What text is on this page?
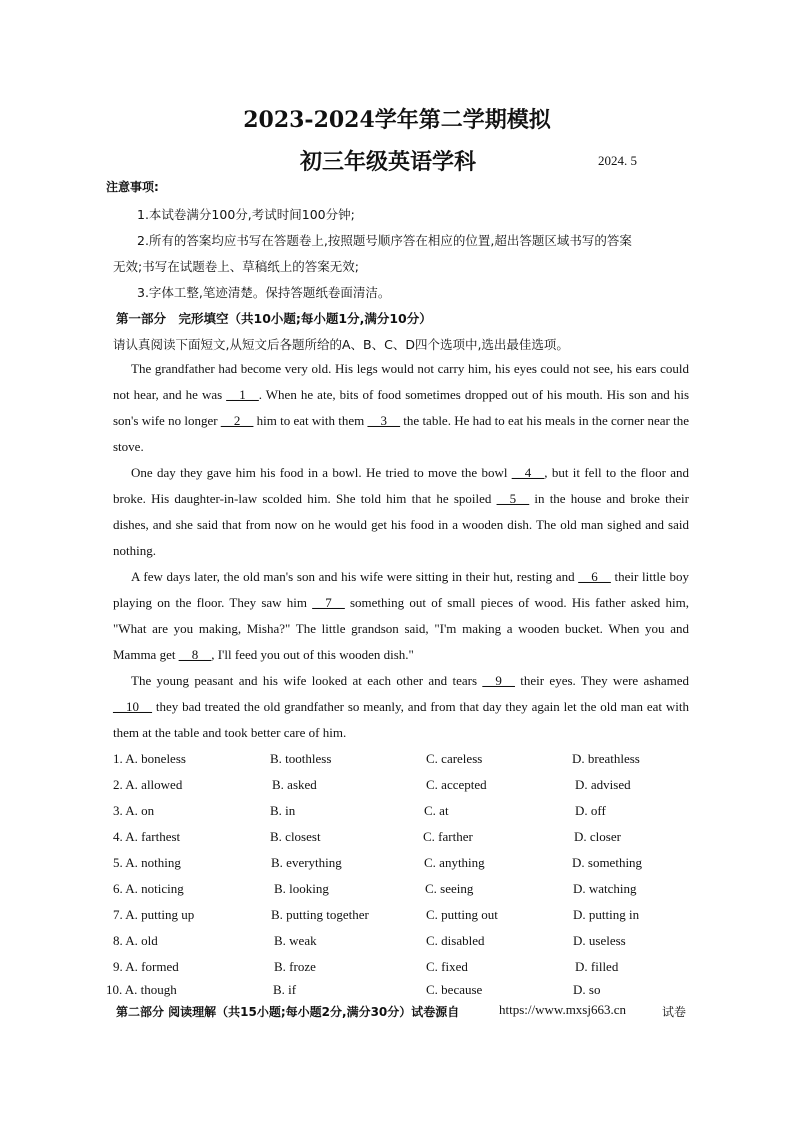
2023-2024学年第二学期模拟
初三年级英语学科	2024. 5
注意事项:
1.本试卷满分100分,考试时间100分钟;
2.所有的答案均应书写在答题卷上,按照题号顺序答在相应的位置,超出答题区域书写的答案
无效;书写在试题卷上、草稿纸上的答案无效;
3.字体工整,笔迹清楚。保持答题纸卷面清洁。
第一部分　完形填空（共10小题;每小题1分,满分10分）
请认真阅读下面短文,从短文后各题所给的A、B、C、D四个选项中,选出最佳选项。
The grandfather had become very old. His legs would not carry him, his eyes could not see, his ears could not hear, and he was __1__. When he ate, bits of food sometimes dropped out of his mouth. His son and his son's wife no longer __2__ him to eat with them __3__ the table. He had to eat his meals in the corner near the stove.
One day they gave him his food in a bowl. He tried to move the bowl __4__, but it fell to the floor and broke. His daughter-in-law scolded him. She told him that he spoiled __5__ in the house and broke their dishes, and she said that from now on he would get his food in a wooden dish. The old man sighed and said nothing.
A few days later, the old man's son and his wife were sitting in their hut, resting and __6__ their little boy playing on the floor. They saw him __7__ something out of small pieces of wood. His father asked him, "What are you making, Misha?" The little grandson said, "I'm making a wooden bucket. When you and Mamma get __8__, I'll feed you out of this wooden dish."
The young peasant and his wife looked at each other and tears __9__ their eyes. They were ashamed __10__ they bad treated the old grandfather so meanly, and from that day they again let the old man eat with them at the table and took better care of him.
1. A. boneless	B. toothless	C. careless	D. breathless
2. A. allowed	B. asked	C. accepted	D. advised
3. A. on	B. in	C. at	D. off
4. A. farthest	B. closest	C. farther	D. closer
5. A. nothing	B. everything	C. anything	D. something
6. A. noticing	B. looking	C. seeing	D. watching
7. A. putting up	B. putting together	C. putting out	D. putting in
8. A. old	B. weak	C. disabled	D. useless
9. A. formed	B. froze	C. fixed	D. filled
10. A. though	B. if	C. because	D. so
第二部分 阅读理解（共15小题;每小题2分,满分30分）试卷源自	https://www.mxsj663.cn	试卷
